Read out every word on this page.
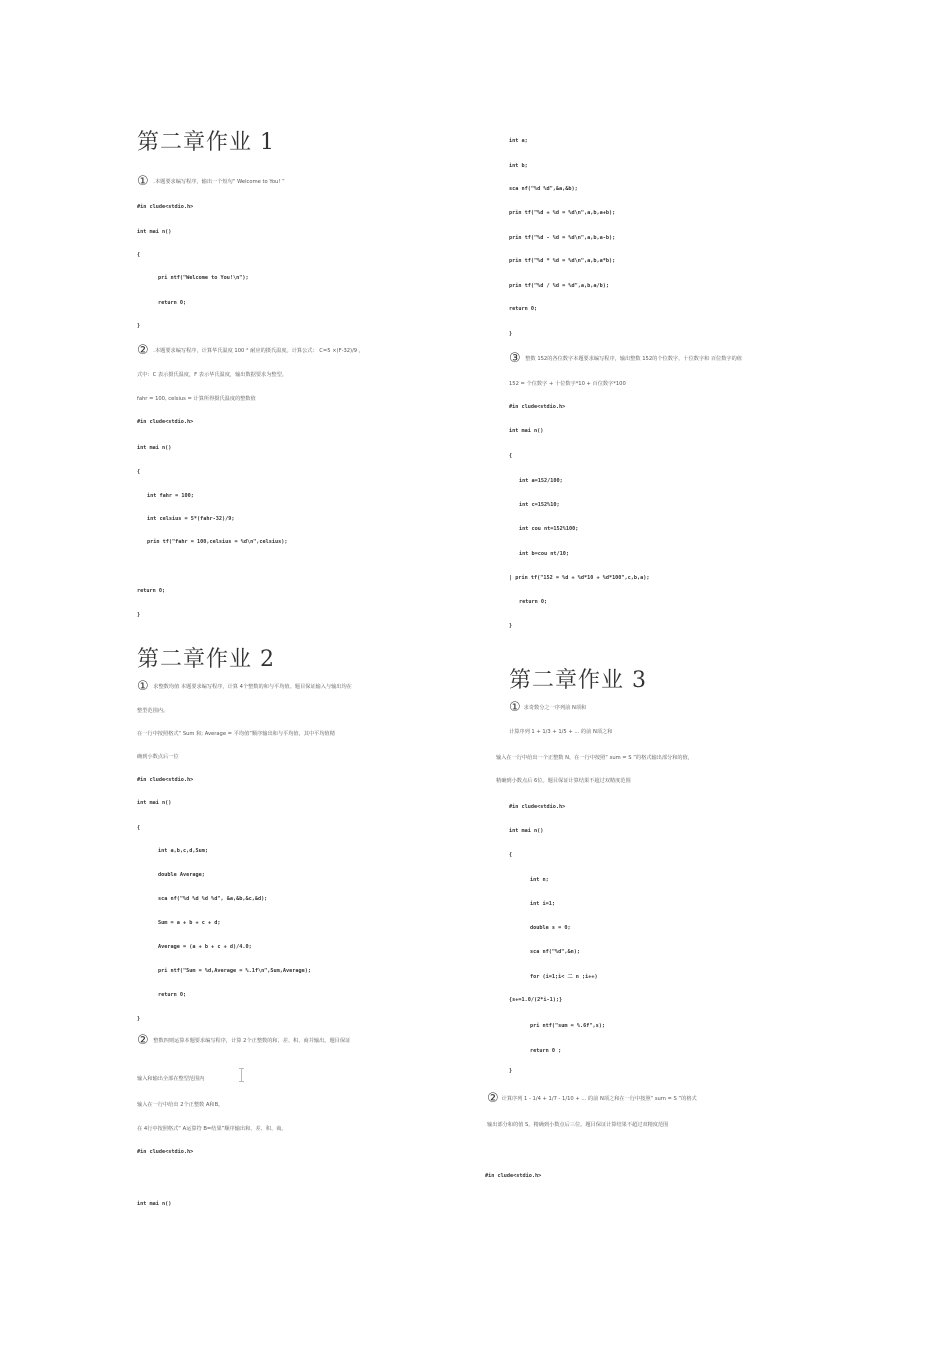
第二章作业 1
① .本题要求编写程序，输出一个短句“ Welcome to You! ”
#in clude<stdio.h>
int mai n()
{
pri ntf("Welcome to You!\n");
return 0;
}
② .本题要求编写程序，计算华氏温度 100 ° 耐应的摄氏温度。计算公式： C=5 ×(F-32)/9 ，
式中：C 表示摄氏温度，F 表示华氏温度，输出数据要求为整型。
fahr = 100, celsius = 计算所得摄氏温度的整数值
#in clude<stdio.h>
int mai n()
{
int fahr = 100;
int celsius = 5*(fahr-32)/9;
prin tf("fahr = 100,celsius = %d\n",celsius);
return 0;
}
第二章作业 2
① 求整数均值 本题要求编写程序，计算 4个整数的和与平均值。题目保证输入与输出均在
整型范围内。
在一行中按照格式“ Sum 和; Average = 平均值”顺序输出和与平均值，其中平均值精
确到小数点后一位
#in clude<stdio.h>
int mai n()
{
int a,b,c,d,Sum;
double Average;
sca nf("%d %d %d %d", &a,&b,&c,&d);
Sum = a + b + c + d;
Average = (a + b + c + d)/4.0;
pri ntf("Sum = %d,Average = %.1f\n",Sum,Average);
return 0;
}
② 整数四则运算本题要求编写程序，计算 2个正整数的和、差、积、商并输出。题目保证
输入和输出全部在整型范围内
输入在一行中给出 2个正整数 A和B。
在 4行中按照格式“ A运算符 B=结果”顺序输出和、差、积、商。
#in clude<stdio.h>
int mai n()
int a;
int b;
sca nf("%d %d",&a,&b);
prin tf("%d + %d = %d\n",a,b,a+b);
prin tf("%d - %d = %d\n",a,b,a-b);
prin tf("%d * %d = %d\n",a,b,a*b);
prin tf("%d / %d = %d",a,b,a/b);
return 0;
}
③ 整数 152的各位数字本题要求编写程序，输出整数 152的个位数字、十位数字和 百位数字的值
152 = 个位数字 + 十位数字*10 + 百位数字*100
#in clude<stdio.h>
int mai n()
{
int a=152/100;
int c=152%10;
int cou nt=152%100;
int b=cou nt/10;
| prin tf("152 = %d + %d*10 + %d*100",c,b,a);
return 0;
}
第二章作业 3
① 求奇数分之一序列前 N项和
计算序列 1 + 1/3 + 1/5 + ... 的前 N项之和
输入在一行中给出一个正整数 N。在一行中按照“ sum = S ”的格式输出部分和的值，
精确到小数点后 6位。题目保证计算结果不超过双精度范围
#in clude<stdio.h>
int mai n()
{
int n;
int i=1;
double s = 0;
sca nf("%d",&n);
for (i=1;i< 二 n ;i++)
{s+=1.0/(2*i-1);}
pri ntf("sum = %.6f",s);
return 0 ;
}
② 计算序列 1 - 1/4 + 1/7 - 1/10 + ... 的前 N项之和在一行中按照“ sum = S ”的格式
输出部分和的值 S，精确到小数点后三位。题目保证计算结果不超过双精度范围
#in clude<stdio.h>
